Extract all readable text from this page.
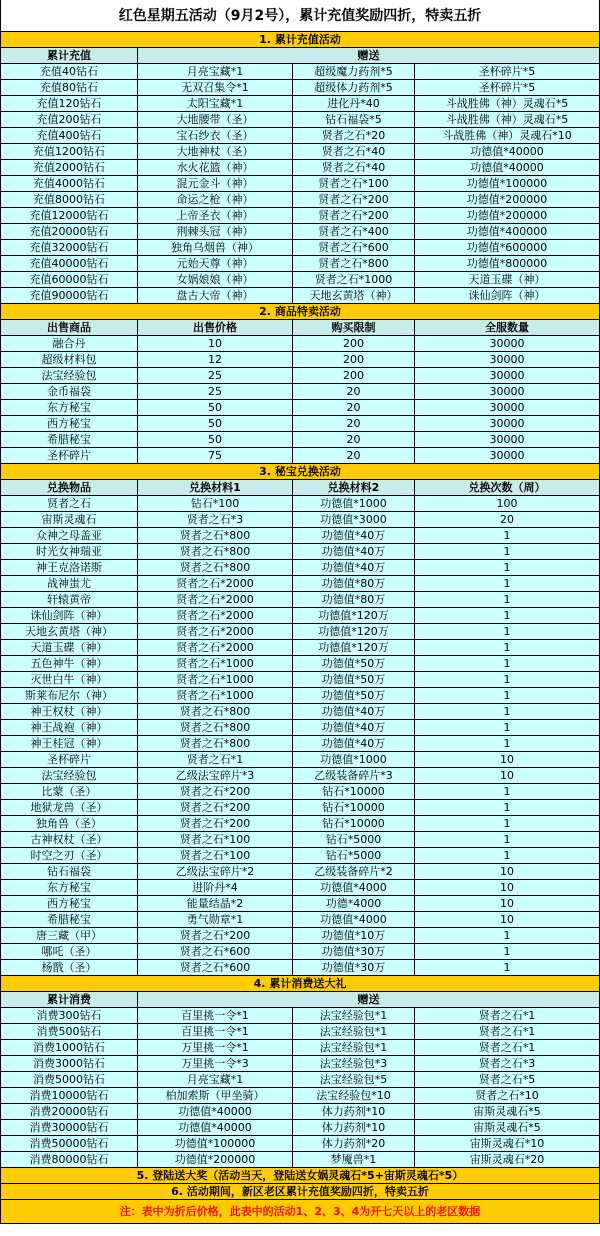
红色星期五活动（9月2号），累计充值奖励四折，特卖五折
1. 累计充值活动
累计充值	赠送
充值40钻石	月亮宝藏*1	超级魔力药剂*5	圣杯碎片*5
充值80钻石	无双召集令*1	超级体力药剂*5	圣杯碎片*5
充值120钻石	太阳宝藏*1	进化丹*40	斗战胜佛（神）灵魂石*5
充值200钻石	大地腰带（圣）	钻石福袋*5	斗战胜佛（神）灵魂石*5
充值400钻石	宝石纱衣（圣）	贤者之石*20	斗战胜佛（神）灵魂石*10
充值1200钻石	大地神杖（圣）	贤者之石*40	功德值*40000
充值2000钻石	水火花篮（神）	贤者之石*40	功德值*40000
充值4000钻石	混元金斗（神）	贤者之石*100	功德值*100000
充值8000钻石	命运之枪（神）	贤者之石*200	功德值*200000
充值12000钻石	上帝圣衣（神）	贤者之石*200	功德值*200000
充值20000钻石	荆棘头冠（神）	贤者之石*400	功德值*400000
充值32000钻石	独角乌烟兽（神）	贤者之石*600	功德值*600000
充值40000钻石	元始天尊（神）	贤者之石*800	功德值*800000
充值60000钻石	女娲娘娘（神）	贤者之石*1000	天道玉碟（神）
充值90000钻石	盘古大帝（神）	天地玄黄塔（神）	诛仙剑阵（神）
2. 商品特卖活动
出售商品	出售价格	购买限制	全服数量
融合丹	10	200	30000
超级材料包	12	200	30000
法宝经验包	25	200	30000
金币福袋	25	20	30000
东方秘宝	50	20	30000
西方秘宝	50	20	30000
希腊秘宝	50	20	30000
圣杯碎片	75	20	30000
3. 秘宝兑换活动
兑换物品	兑换材料1	兑换材料2	兑换次数（周）
贤者之石	钻石*100	功德值*1000	100
宙斯灵魂石	贤者之石*3	功德值*3000	20
众神之母盖亚	贤者之石*800	功德值*40万	1
时光女神瑞亚	贤者之石*800	功德值*40万	1
神王克洛诺斯	贤者之石*800	功德值*40万	1
战神蚩尤	贤者之石*2000	功德值*80万	1
轩辕黄帝	贤者之石*2000	功德值*80万	1
诛仙剑阵（神）	贤者之石*2000	功德值*120万	1
天地玄黄塔（神）	贤者之石*2000	功德值*120万	1
天道玉碟（神）	贤者之石*2000	功德值*120万	1
五色神牛（神）	贤者之石*1000	功德值*50万	1
灭世白牛（神）	贤者之石*1000	功德值*50万	1
斯莱布尼尔（神）	贤者之石*1000	功德值*50万	1
神王权杖（神）	贤者之石*800	功德值*40万	1
神王战袍（神）	贤者之石*800	功德值*40万	1
神王桂冠（神）	贤者之石*800	功德值*40万	1
圣杯碎片	贤者之石*1	功德值*1000	10
法宝经验包	乙级法宝碎片*3	乙级装备碎片*3	10
比蒙（圣）	贤者之石*200	钻石*10000	1
地狱龙兽（圣）	贤者之石*200	钻石*10000	1
独角兽（圣）	贤者之石*200	钻石*10000	1
古神权杖（圣）	贤者之石*100	钻石*5000	1
时空之刃（圣）	贤者之石*100	钻石*5000	1
钻石福袋	乙级法宝碎片*2	乙级装备碎片*2	10
东方秘宝	进阶丹*4	功德值*4000	10
西方秘宝	能量结晶*2	功德*4000	10
希腊秘宝	勇气勋章*1	功德值*4000	10
唐三藏（甲）	贤者之石*200	功德值*10万	1
哪吒（圣）	贤者之石*600	功德值*30万	1
杨戬（圣）	贤者之石*600	功德值*30万	1
4. 累计消费送大礼
累计消费	赠送
消费300钻石	百里挑一令*1	法宝经验包*1	贤者之石*1
消费500钻石	百里挑一令*1	法宝经验包*1	贤者之石*1
消费1000钻石	万里挑一令*1	法宝经验包*1	贤者之石*1
消费3000钻石	万里挑一令*3	法宝经验包*3	贤者之石*3
消费5000钻石	月亮宝藏*1	法宝经验包*5	贤者之石*5
消费10000钻石	柏加索斯（甲坐骑）	法宝经验包*10	贤者之石*10
消费20000钻石	功德值*40000	体力药剂*10	宙斯灵魂石*5
消费30000钻石	功德值*40000	体力药剂*10	宙斯灵魂石*5
消费50000钻石	功德值*100000	体力药剂*20	宙斯灵魂石*10
消费80000钻石	功德值*200000	梦魇兽*1	宙斯灵魂石*20
5. 登陆送大奖（活动当天，登陆送女娲灵魂石*5+宙斯灵魂石*5）
6. 活动期间，新区老区累计充值奖励四折，特卖五折
注：表中为折后价格，此表中的活动1、2、3、4为开七天以上的老区数据
